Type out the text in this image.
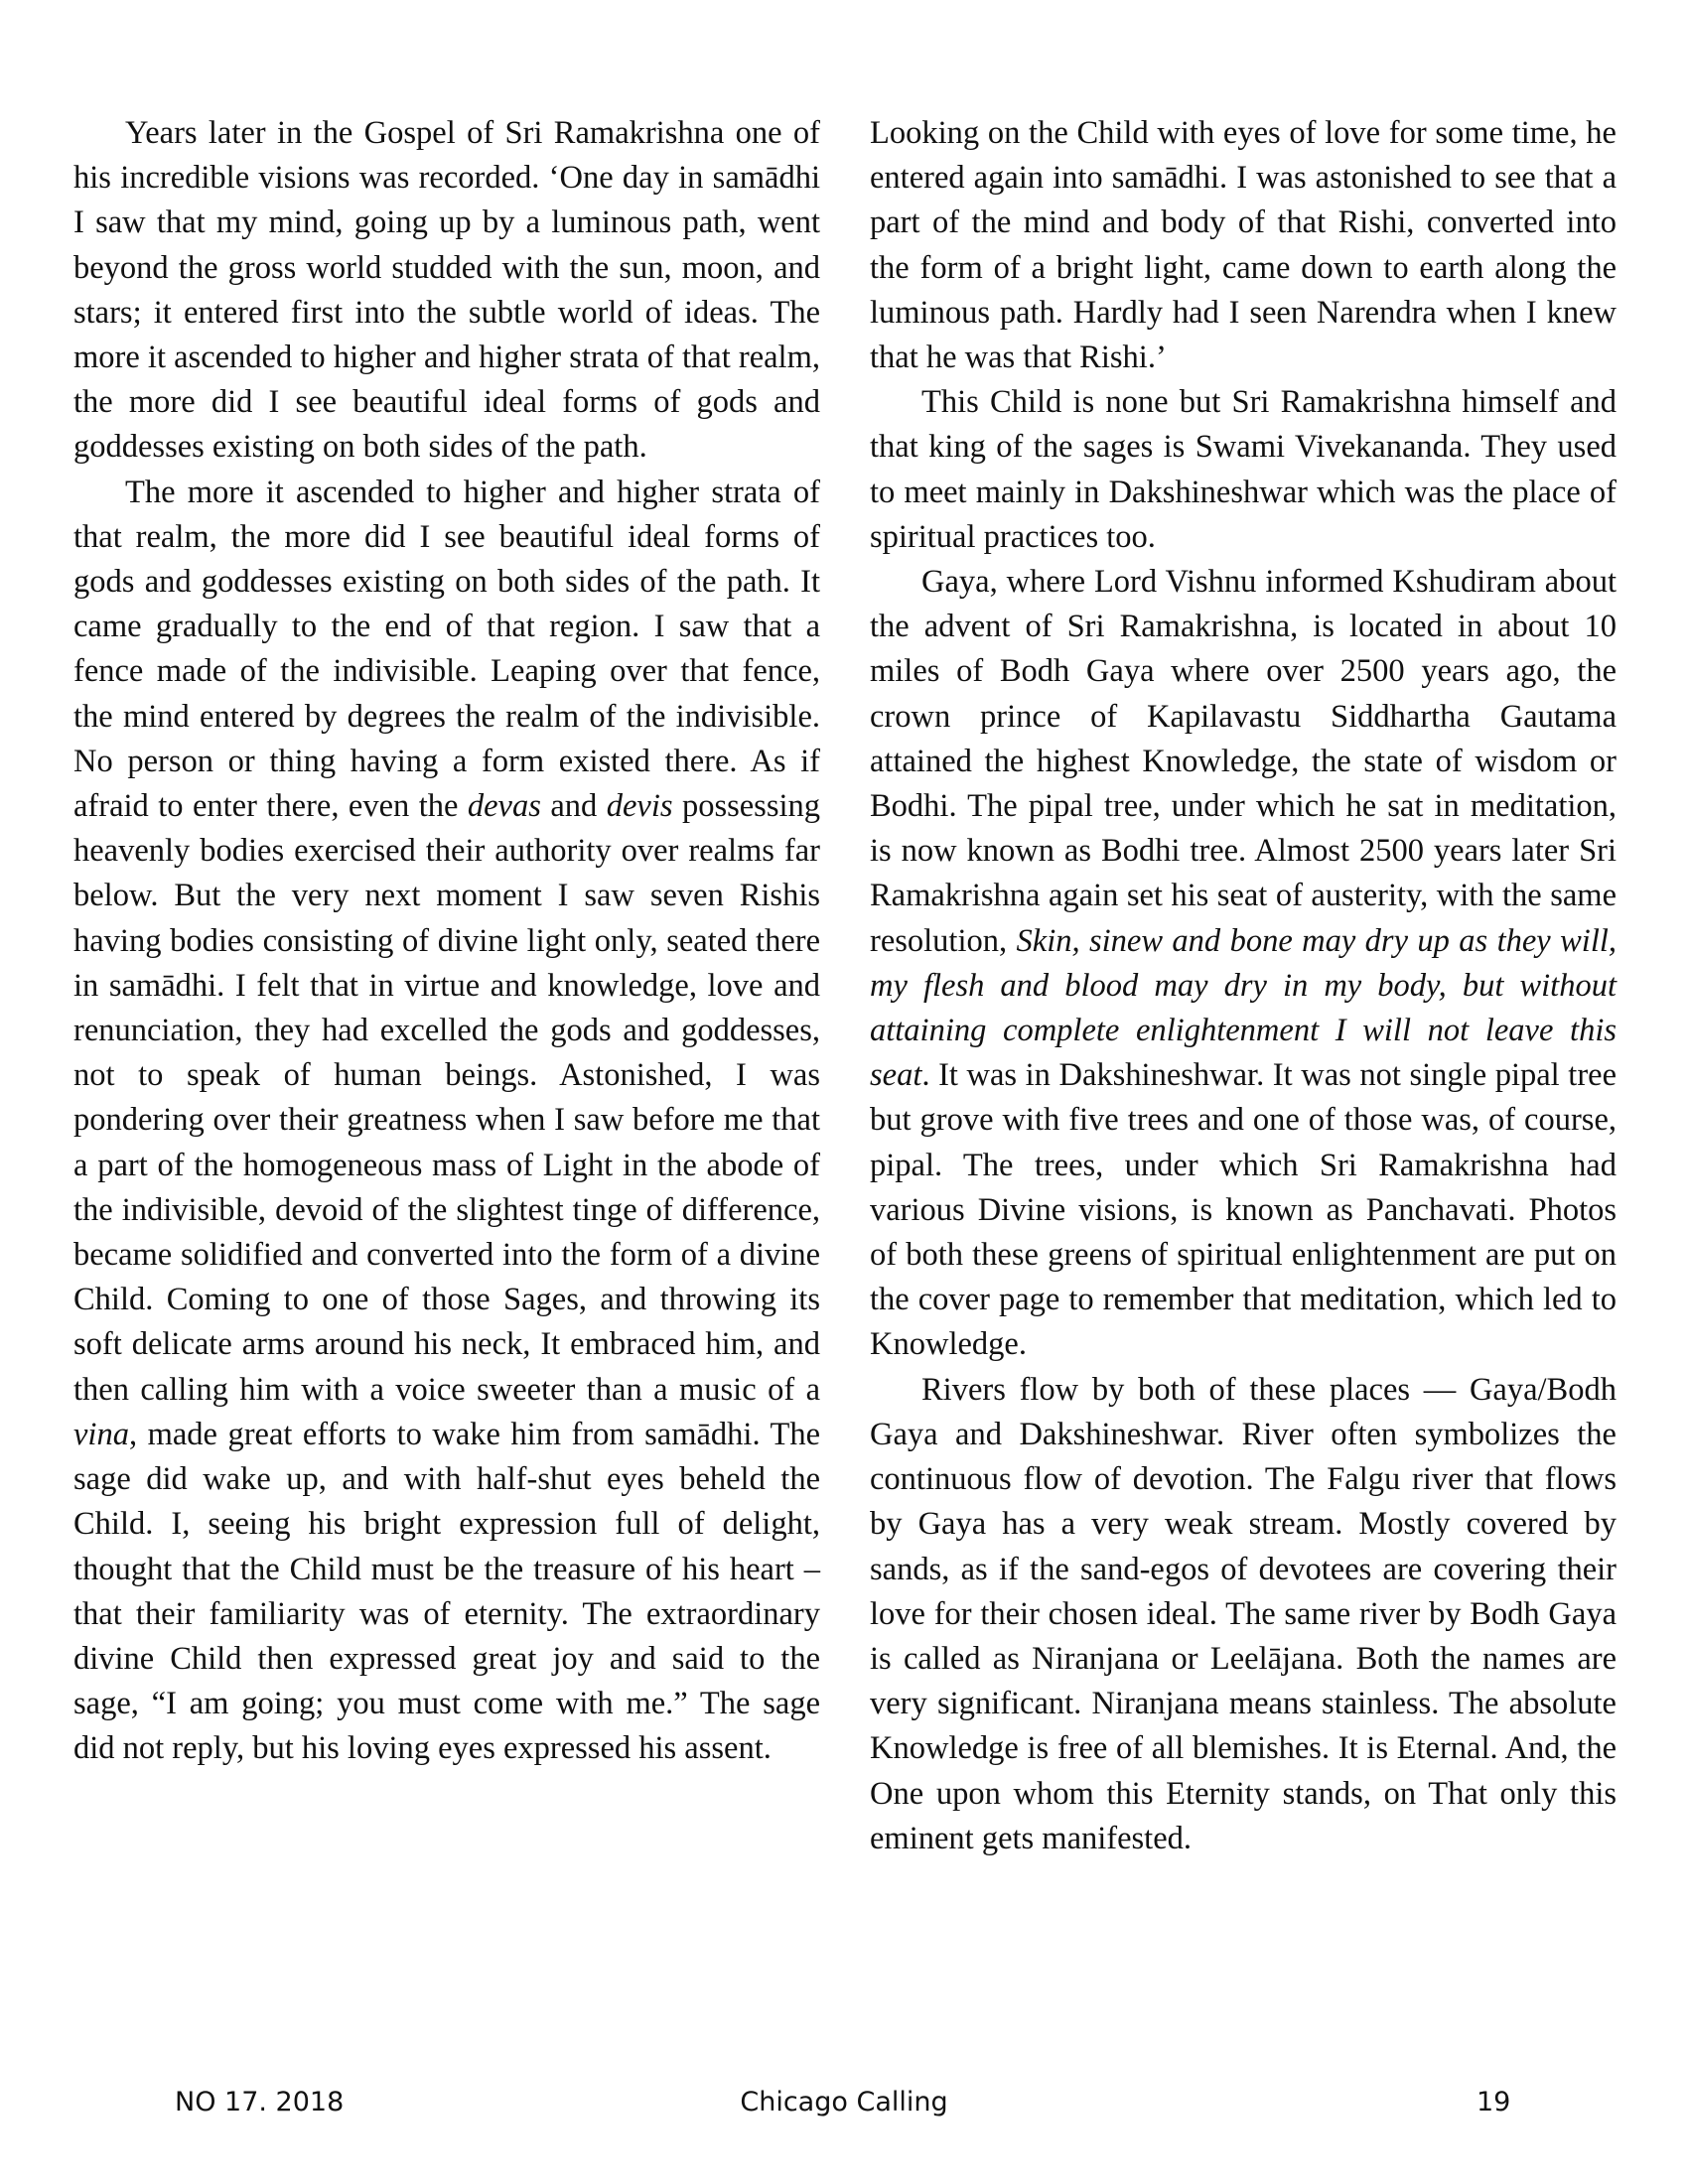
Years later in the Gospel of Sri Ramakrishna one of his incredible visions was recorded. ‘One day in samādhi I saw that my mind, going up by a luminous path, went beyond the gross world studded with the sun, moon, and stars; it entered first into the subtle world of ideas. The more it ascended to higher and higher strata of that realm, the more did I see beautiful ideal forms of gods and goddesses existing on both sides of the path.

The more it ascended to higher and higher strata of that realm, the more did I see beautiful ideal forms of gods and goddesses existing on both sides of the path. It came gradually to the end of that region. I saw that a fence made of the indivisible. Leaping over that fence, the mind entered by degrees the realm of the indivisible. No person or thing having a form existed there. As if afraid to enter there, even the devas and devis possessing heavenly bodies exercised their authority over realms far below. But the very next moment I saw seven Rishis having bodies consisting of divine light only, seated there in samādhi. I felt that in virtue and knowledge, love and renunciation, they had excelled the gods and goddesses, not to speak of human beings. Astonished, I was pondering over their greatness when I saw before me that a part of the homogeneous mass of Light in the abode of the indivisible, devoid of the slightest tinge of difference, became solidified and converted into the form of a divine Child. Coming to one of those Sages, and throwing its soft delicate arms around his neck, It embraced him, and then calling him with a voice sweeter than a music of a vina, made great efforts to wake him from samādhi. The sage did wake up, and with half-shut eyes beheld the Child. I, seeing his bright expression full of delight, thought that the Child must be the treasure of his heart – that their familiarity was of eternity. The extraordinary divine Child then expressed great joy and said to the sage, “I am going; you must come with me.” The sage did not reply, but his loving eyes expressed his assent.

Looking on the Child with eyes of love for some time, he entered again into samādhi. I was astonished to see that a part of the mind and body of that Rishi, converted into the form of a bright light, came down to earth along the luminous path. Hardly had I seen Narendra when I knew that he was that Rishi.’

This Child is none but Sri Ramakrishna himself and that king of the sages is Swami Vivekananda. They used to meet mainly in Dakshineshwar which was the place of spiritual practices too.

Gaya, where Lord Vishnu informed Kshudiram about the advent of Sri Ramakrishna, is located in about 10 miles of Bodh Gaya where over 2500 years ago, the crown prince of Kapilavastu Siddhartha Gautama attained the highest Knowledge, the state of wisdom or Bodhi. The pipal tree, under which he sat in meditation, is now known as Bodhi tree. Almost 2500 years later Sri Ramakrishna again set his seat of austerity, with the same resolution, Skin, sinew and bone may dry up as they will, my flesh and blood may dry in my body, but without attaining complete enlightenment I will not leave this seat. It was in Dakshineshwar. It was not single pipal tree but grove with five trees and one of those was, of course, pipal. The trees, under which Sri Ramakrishna had various Divine visions, is known as Panchavati. Photos of both these greens of spiritual enlightenment are put on the cover page to remember that meditation, which led to Knowledge.

Rivers flow by both of these places — Gaya/Bodh Gaya and Dakshineshwar. River often symbolizes the continuous flow of devotion. The Falgu river that flows by Gaya has a very weak stream. Mostly covered by sands, as if the sand-egos of devotees are covering their love for their chosen ideal. The same river by Bodh Gaya is called as Niranjana or Leelājana. Both the names are very significant. Niranjana means stainless. The absolute Knowledge is free of all blemishes. It is Eternal. And, the One upon whom this Eternity stands, on That only this eminent gets manifested.

NO 17. 2018	Chicago Calling	19
